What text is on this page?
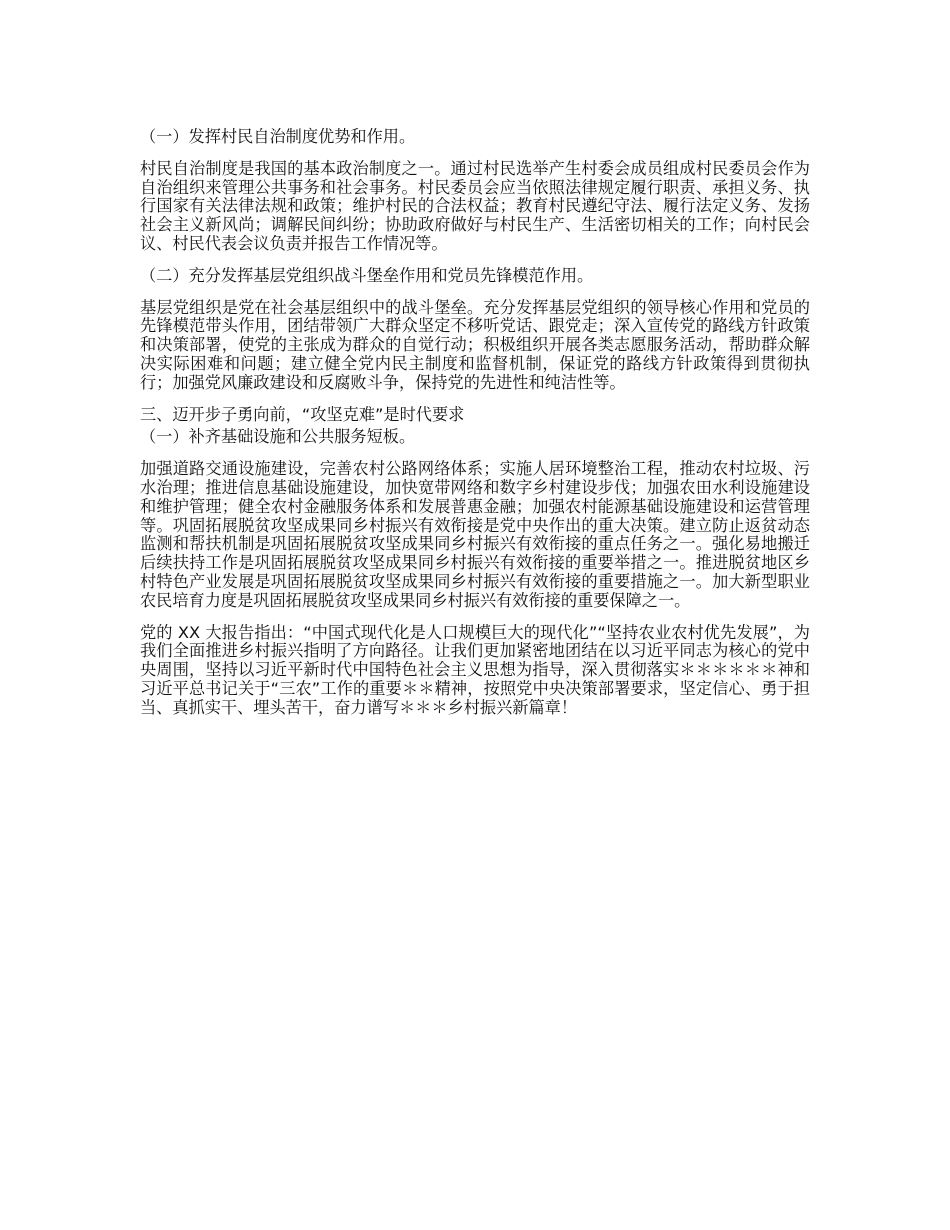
（一）发挥村民自治制度优势和作用。

村民自治制度是我国的基本政治制度之一。通过村民选举产生村委会成员组成村民委员会作为自治组织来管理公共事务和社会事务。村民委员会应当依照法律规定履行职责、承担义务、执行国家有关法律法规和政策；维护村民的合法权益；教育村民遵纪守法、履行法定义务、发扬社会主义新风尚；调解民间纠纷；协助政府做好与村民生产、生活密切相关的工作；向村民会议、村民代表会议负责并报告工作情况等。

（二）充分发挥基层党组织战斗堡垒作用和党员先锋模范作用。

基层党组织是党在社会基层组织中的战斗堡垒。充分发挥基层党组织的领导核心作用和党员的先锋模范带头作用，团结带领广大群众坚定不移听党话、跟党走；深入宣传党的路线方针政策和决策部署，使党的主张成为群众的自觉行动；积极组织开展各类志愿服务活动，帮助群众解决实际困难和问题；建立健全党内民主制度和监督机制，保证党的路线方针政策得到贯彻执行；加强党风廉政建设和反腐败斗争，保持党的先进性和纯洁性等。

三、迈开步子勇向前，“攻坚克难”是时代要求

（一）补齐基础设施和公共服务短板。

加强道路交通设施建设，完善农村公路网络体系；实施人居环境整治工程，推动农村垃圾、污水治理；推进信息基础设施建设，加快宽带网络和数字乡村建设步伐；加强农田水利设施建设和维护管理；健全农村金融服务体系和发展普惠金融；加强农村能源基础设施建设和运营管理等。巩固拓展脱贫攻坚成果同乡村振兴有效衔接是党中央作出的重大决策。建立防止返贫动态监测和帮扶机制是巩固拓展脱贫攻坚成果同乡村振兴有效衔接的重点任务之一。强化易地搬迁后续扶持工作是巩固拓展脱贫攻坚成果同乡村振兴有效衔接的重要举措之一。推进脱贫地区乡村特色产业发展是巩固拓展脱贫攻坚成果同乡村振兴有效衔接的重要措施之一。加大新型职业农民培育力度是巩固拓展脱贫攻坚成果同乡村振兴有效衔接的重要保障之一。

党的 XX 大报告指出：“中国式现代化是人口规模巨大的现代化”“坚持农业农村优先发展”，为我们全面推进乡村振兴指明了方向路径。让我们更加紧密地团结在以习近平同志为核心的党中央周围，坚持以习近平新时代中国特色社会主义思想为指导，深入贯彻落实＊＊＊＊＊＊神和习近平总书记关于“三农”工作的重要＊＊精神，按照党中央决策部署要求，坚定信心、勇于担当、真抓实干、埋头苦干，奋力谱写＊＊＊乡村振兴新篇章！
